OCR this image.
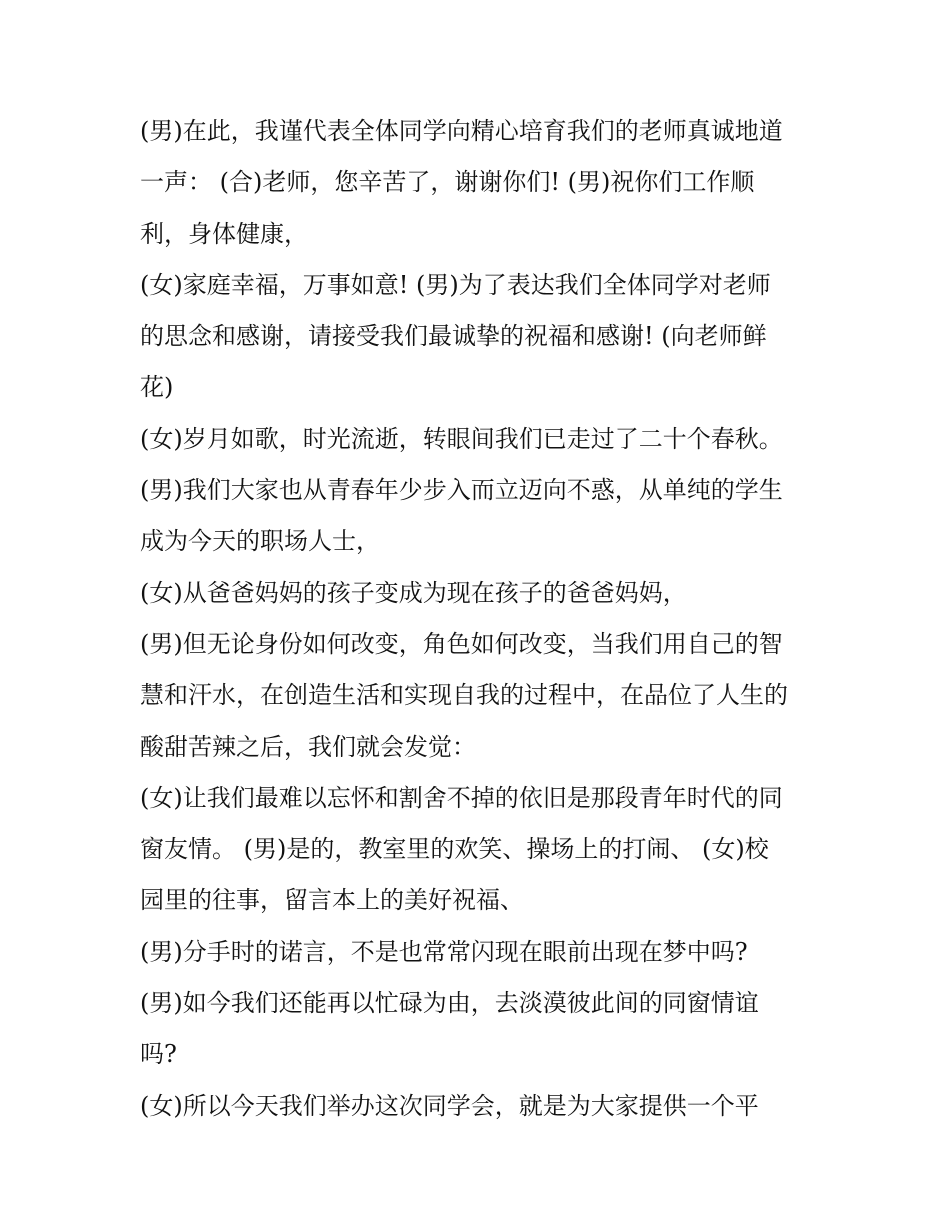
(男)在此，我谨代表全体同学向精心培育我们的老师真诚地道
一声： (合)老师，您辛苦了，谢谢你们! (男)祝你们工作顺
利，身体健康，
(女)家庭幸福，万事如意! (男)为了表达我们全体同学对老师
的思念和感谢，请接受我们最诚挚的祝福和感谢! (向老师鲜
花)
(女)岁月如歌，时光流逝，转眼间我们已走过了二十个春秋。
(男)我们大家也从青春年少步入而立迈向不惑，从单纯的学生
成为今天的职场人士，
(女)从爸爸妈妈的孩子变成为现在孩子的爸爸妈妈，
(男)但无论身份如何改变，角色如何改变，当我们用自己的智
慧和汗水，在创造生活和实现自我的过程中，在品位了人生的
酸甜苦辣之后，我们就会发觉：
(女)让我们最难以忘怀和割舍不掉的依旧是那段青年时代的同
窗友情。 (男)是的，教室里的欢笑、操场上的打闹、 (女)校
园里的往事，留言本上的美好祝福、
(男)分手时的诺言，不是也常常闪现在眼前出现在梦中吗?
(男)如今我们还能再以忙碌为由，去淡漠彼此间的同窗情谊
吗?
(女)所以今天我们举办这次同学会，就是为大家提供一个平
